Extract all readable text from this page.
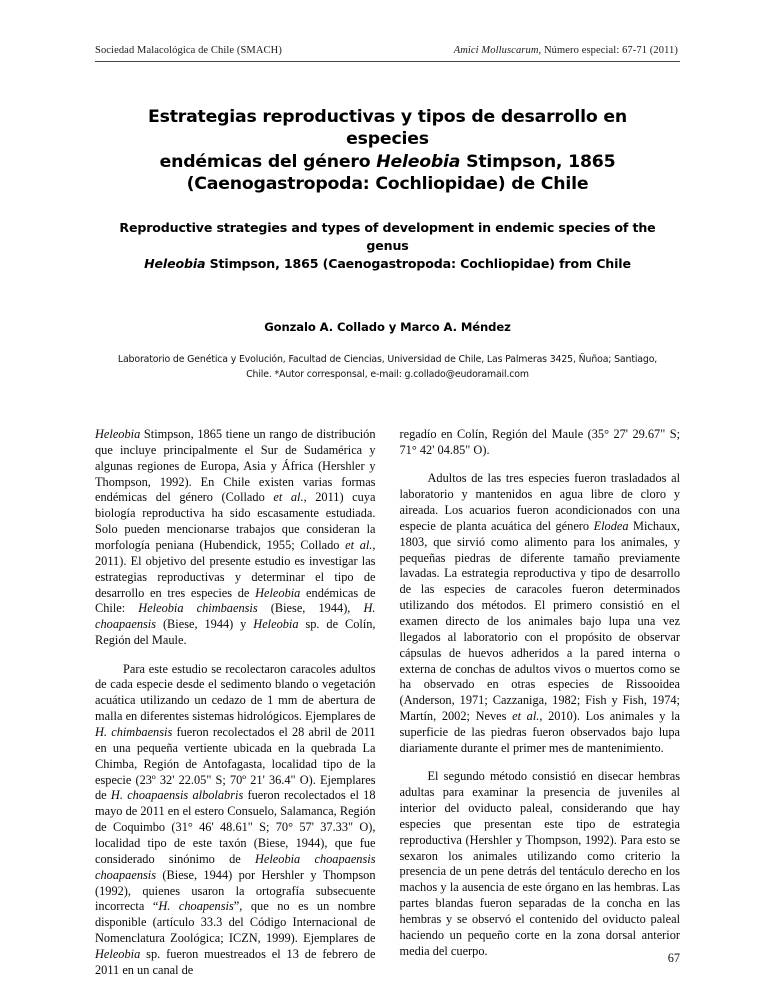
Sociedad Malacológica de Chile (SMACH)	Amici Molluscarum, Número especial: 67-71 (2011)
Estrategias reproductivas y tipos de desarrollo en especies
endémicas del género Heleobia Stimpson, 1865
(Caenogastropoda: Cochliopidae) de Chile
Reproductive strategies and types of development in endemic species of the genus
Heleobia Stimpson, 1865 (Caenogastropoda: Cochliopidae) from Chile
Gonzalo A. Collado y Marco A. Méndez
Laboratorio de Genética y Evolución, Facultad de Ciencias, Universidad de Chile, Las Palmeras 3425, Ñuñoa; Santiago,
Chile. *Autor corresponsal, e-mail: g.collado@eudoramail.com

Heleobia Stimpson, 1865 tiene un rango de distribución que incluye principalmente el Sur de Sudamérica y algunas regiones de Europa, Asia y África (Hershler y Thompson, 1992). En Chile existen varias formas endémicas del género (Collado et al., 2011) cuya biología reproductiva ha sido escasamente estudiada. Solo pueden mencionarse trabajos que consideran la morfología peniana (Hubendick, 1955; Collado et al., 2011). El objetivo del presente estudio es investigar las estrategias reproductivas y determinar el tipo de desarrollo en tres especies de Heleobia endémicas de Chile: Heleobia chimbaensis (Biese, 1944), H. choapaensis (Biese, 1944) y Heleobia sp. de Colín, Región del Maule.

Para este estudio se recolectaron caracoles adultos de cada especie desde el sedimento blando o vegetación acuática utilizando un cedazo de 1 mm de abertura de malla en diferentes sistemas hidrológicos. Ejemplares de H. chimbaensis fueron recolectados el 28 abril de 2011 en una pequeña vertiente ubicada en la quebrada La Chimba, Región de Antofagasta, localidad tipo de la especie (23º 32' 22.05" S; 70º 21' 36.4" O). Ejemplares de H. choapaensis albolabris fueron recolectados el 18 mayo de 2011 en el estero Consuelo, Salamanca, Región de Coquimbo (31° 46' 48.61" S; 70° 57' 37.33" O), localidad tipo de este taxón (Biese, 1944), que fue considerado sinónimo de Heleobia choapaensis choapaensis (Biese, 1944) por Hershler y Thompson (1992), quienes usaron la ortografía subsecuente incorrecta “H. choapensis”, que no es un nombre disponible (artículo 33.3 del Código Internacional de Nomenclatura Zoológica; ICZN, 1999). Ejemplares de Heleobia sp. fueron muestreados el 13 de febrero de 2011 en un canal de

regadío en Colín, Región del Maule (35° 27' 29.67" S; 71° 42' 04.85" O).

Adultos de las tres especies fueron trasladados al laboratorio y mantenidos en agua libre de cloro y aireada. Los acuarios fueron acondicionados con una especie de planta acuática del género Elodea Michaux, 1803, que sirvió como alimento para los animales, y pequeñas piedras de diferente tamaño previamente lavadas. La estrategia reproductiva y tipo de desarrollo de las especies de caracoles fueron determinados utilizando dos métodos. El primero consistió en el examen directo de los animales bajo lupa una vez llegados al laboratorio con el propósito de observar cápsulas de huevos adheridos a la pared interna o externa de conchas de adultos vivos o muertos como se ha observado en otras especies de Rissooidea (Anderson, 1971; Cazzaniga, 1982; Fish y Fish, 1974; Martín, 2002; Neves et al., 2010). Los animales y la superficie de las piedras fueron observados bajo lupa diariamente durante el primer mes de mantenimiento.

El segundo método consistió en disecar hembras adultas para examinar la presencia de juveniles al interior del oviducto paleal, considerando que hay especies que presentan este tipo de estrategia reproductiva (Hershler y Thompson, 1992). Para esto se sexaron los animales utilizando como criterio la presencia de un pene detrás del tentáculo derecho en los machos y la ausencia de este órgano en las hembras. Las partes blandas fueron separadas de la concha en las hembras y se observó el contenido del oviducto paleal haciendo un pequeño corte en la zona dorsal anterior media del cuerpo.

67
